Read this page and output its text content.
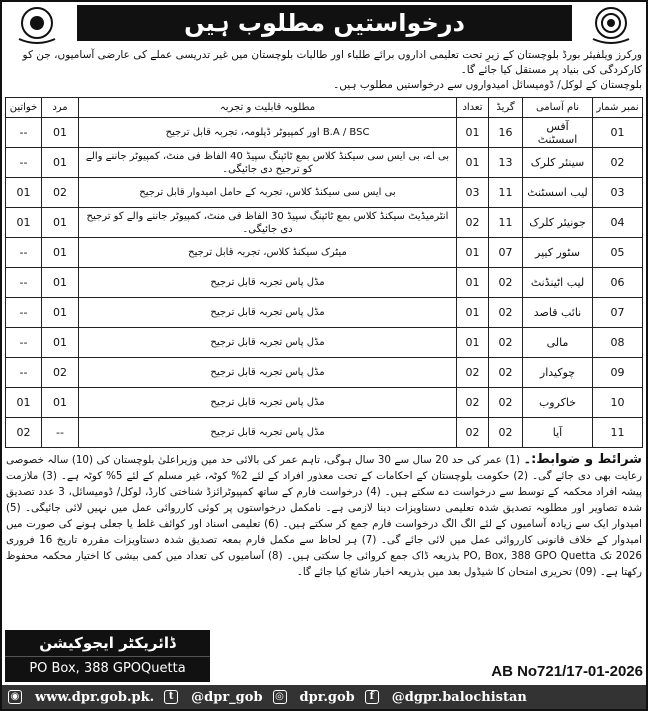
درخواستیں مطلوب ہیں
ورکرز ویلفیئر بورڈ بلوچستان کے زیرِ تحت تعلیمی اداروں برائے طلباء اور طالبات بلوچستان میں غیر تدریسی عملے کی عارضی آسامیوں، جن کو کارکردگی کی بنیاد پر مستقل کیا جائے گا۔
بلوچستان کے لوکل/ ڈومیسائل امیدواروں سے درخواستیں مطلوب ہیں۔
نمبر شمار	نام آسامی	گریڈ	تعداد	مطلوبہ قابلیت و تجربہ	مرد	خواتین
01	آفس اسسٹنٹ	16	01	B.A / BSC اور کمپیوٹر ڈپلومہ، تجربہ قابل ترجیح	01	--
02	سینئر کلرک	13	01	بی اے، بی ایس سی سیکنڈ کلاس بمع ٹائپنگ سپیڈ 40 الفاظ فی منٹ، کمپیوٹر جاننے والے کو ترجیح دی جائیگی۔	01	--
03	لیب اسسٹنٹ	11	03	بی ایس سی سیکنڈ کلاس، تجربہ کے حامل امیدوار قابل ترجیح	02	01
04	جونیئر کلرک	11	02	انٹرمیڈیٹ سیکنڈ کلاس بمع ٹائپنگ سپیڈ 30 الفاظ فی منٹ، کمپیوٹر جاننے والے کو ترجیح دی جائیگی۔	01	01
05	سٹور کیپر	07	01	میٹرک سیکنڈ کلاس، تجربہ قابل ترجیح	01	--
06	لیب اٹینڈنٹ	02	01	مڈل پاس تجربہ قابل ترجیح	01	--
07	نائب قاصد	02	01	مڈل پاس تجربہ قابل ترجیح	01	--
08	مالی	02	01	مڈل پاس تجربہ قابل ترجیح	01	--
09	چوکیدار	02	02	مڈل پاس تجربہ قابل ترجیح	02	--
10	خاکروب	02	02	مڈل پاس تجربہ قابل ترجیح	01	01
11	آیا	02	02	مڈل پاس تجربہ قابل ترجیح	--	02
شرائط و ضوابط:۔ (1) عمر کی حد 20 سال سے 30 سال ہوگی، تاہم عمر کی بالائی حد میں وزیراعلیٰ بلوچستان کی (10) سالہ خصوصی رعایت بھی دی جائے گی۔ (2) حکومت بلوچستان کے احکامات کے تحت معذور افراد کے لئے 2% کوٹہ، غیر مسلم کے لئے 5% کوٹہ ہے۔ (3) ملازمت پیشہ افراد محکمہ کے توسط سے درخواست دے سکتے ہیں۔ (4) درخواست فارم کے ساتھ کمپیوٹرائزڈ شناختی کارڈ، لوکل/ ڈومیسائل، 3 عدد تصدیق شدہ تصاویر اور مطلوبہ تصدیق شدہ تعلیمی دستاویزات دینا لازمی ہے۔ نامکمل درخواستوں پر کوئی کارروائی عمل میں نہیں لائی جائیگی۔ (5) امیدوار ایک سے زیادہ آسامیوں کے لئے الگ الگ درخواست فارم جمع کر سکتے ہیں۔ (6) تعلیمی اسناد اور کوائف غلط یا جعلی ہونے کی صورت میں امیدوار کے خلاف قانونی کارروائی عمل میں لائی جائے گی۔ (7) ہر لحاظ سے مکمل فارم بمعہ تصدیق شدہ دستاویزات مقررہ تاریخ 16 فروری 2026 تک PO, Box, 388 GPO Quetta بذریعہ ڈاک جمع کروائی جا سکتی ہیں۔ (8) آسامیوں کی تعداد میں کمی بیشی کا اختیار محکمہ محفوظ رکھتا ہے۔ (09) تحریری امتحان کا شیڈول بعد میں بذریعہ اخبار شائع کیا جائے گا۔
ڈائریکٹر ایجوکیشن
PO Box, 388 GPOQuetta	AB No721/17-01-2026
◉ www.dpr.gob.pk.	t	@dpr_gob ◎ dpr.gob	f	@dgpr.balochistan
